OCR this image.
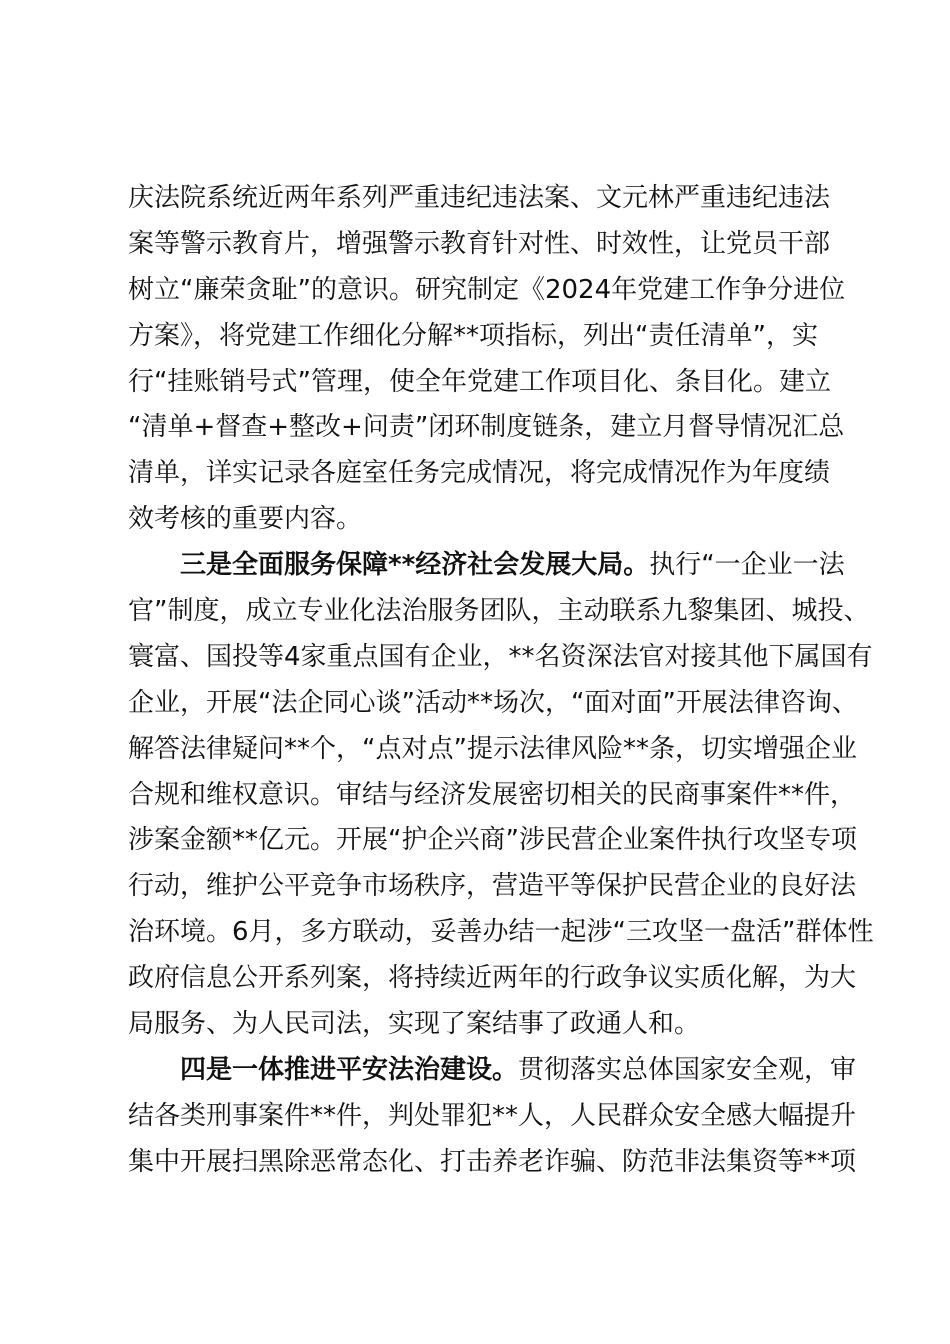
庆法院系统近两年系列严重违纪违法案、文元林严重违纪违法
案等警示教育片，增强警示教育针对性、时效性，让党员干部
树立“廉荣贪耻”的意识。研究制定《2024年党建工作争分进位
方案》，将党建工作细化分解**项指标，列出“责任清单”，实
行“挂账销号式”管理，使全年党建工作项目化、条目化。建立
“清单+督查+整改+问责”闭环制度链条，建立月督导情况汇总
清单，详实记录各庭室任务完成情况，将完成情况作为年度绩
效考核的重要内容。
三是全面服务保障**经济社会发展大局。执行“一企业一法
官”制度，成立专业化法治服务团队，主动联系九黎集团、城投、
寰富、国投等4家重点国有企业，**名资深法官对接其他下属国有
企业，开展“法企同心谈”活动**场次，“面对面”开展法律咨询、
解答法律疑问**个，“点对点”提示法律风险**条，切实增强企业
合规和维权意识。审结与经济发展密切相关的民商事案件**件，
涉案金额**亿元。开展“护企兴商”涉民营企业案件执行攻坚专项
行动，维护公平竞争市场秩序，营造平等保护民营企业的良好法
治环境。6月，多方联动，妥善办结一起涉“三攻坚一盘活”群体性
政府信息公开系列案，将持续近两年的行政争议实质化解，为大
局服务、为人民司法，实现了案结事了政通人和。
四是一体推进平安法治建设。贯彻落实总体国家安全观，审
结各类刑事案件**件，判处罪犯**人，人民群众安全感大幅提升
集中开展扫黑除恶常态化、打击养老诈骗、防范非法集资等**项
